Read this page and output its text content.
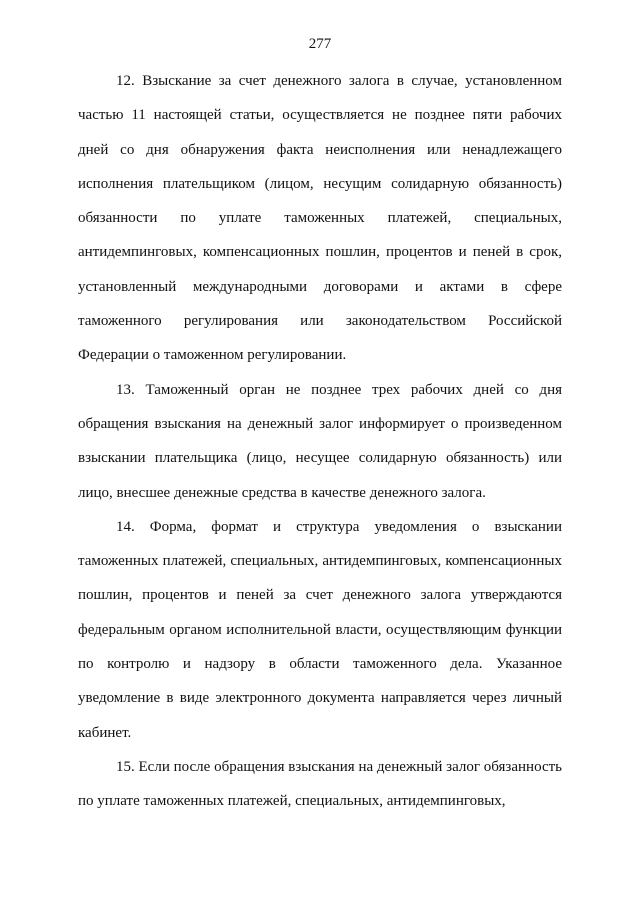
277

12. Взыскание за счет денежного залога в случае, установленном частью 11 настоящей статьи, осуществляется не позднее пяти рабочих дней со дня обнаружения факта неисполнения или ненадлежащего исполнения плательщиком (лицом, несущим солидарную обязанность) обязанности по уплате таможенных платежей, специальных, антидемпинговых, компенсационных пошлин, процентов и пеней в срок, установленный международными договорами и актами в сфере таможенного регулирования или законодательством Российской Федерации о таможенном регулировании.

13. Таможенный орган не позднее трех рабочих дней со дня обращения взыскания на денежный залог информирует о произведенном взыскании плательщика (лицо, несущее солидарную обязанность) или лицо, внесшее денежные средства в качестве денежного залога.

14. Форма, формат и структура уведомления о взыскании таможенных платежей, специальных, антидемпинговых, компенсационных пошлин, процентов и пеней за счет денежного залога утверждаются федеральным органом исполнительной власти, осуществляющим функции по контролю и надзору в области таможенного дела. Указанное уведомление в виде электронного документа направляется через личный кабинет.

15. Если после обращения взыскания на денежный залог обязанность по уплате таможенных платежей, специальных, антидемпинговых,
